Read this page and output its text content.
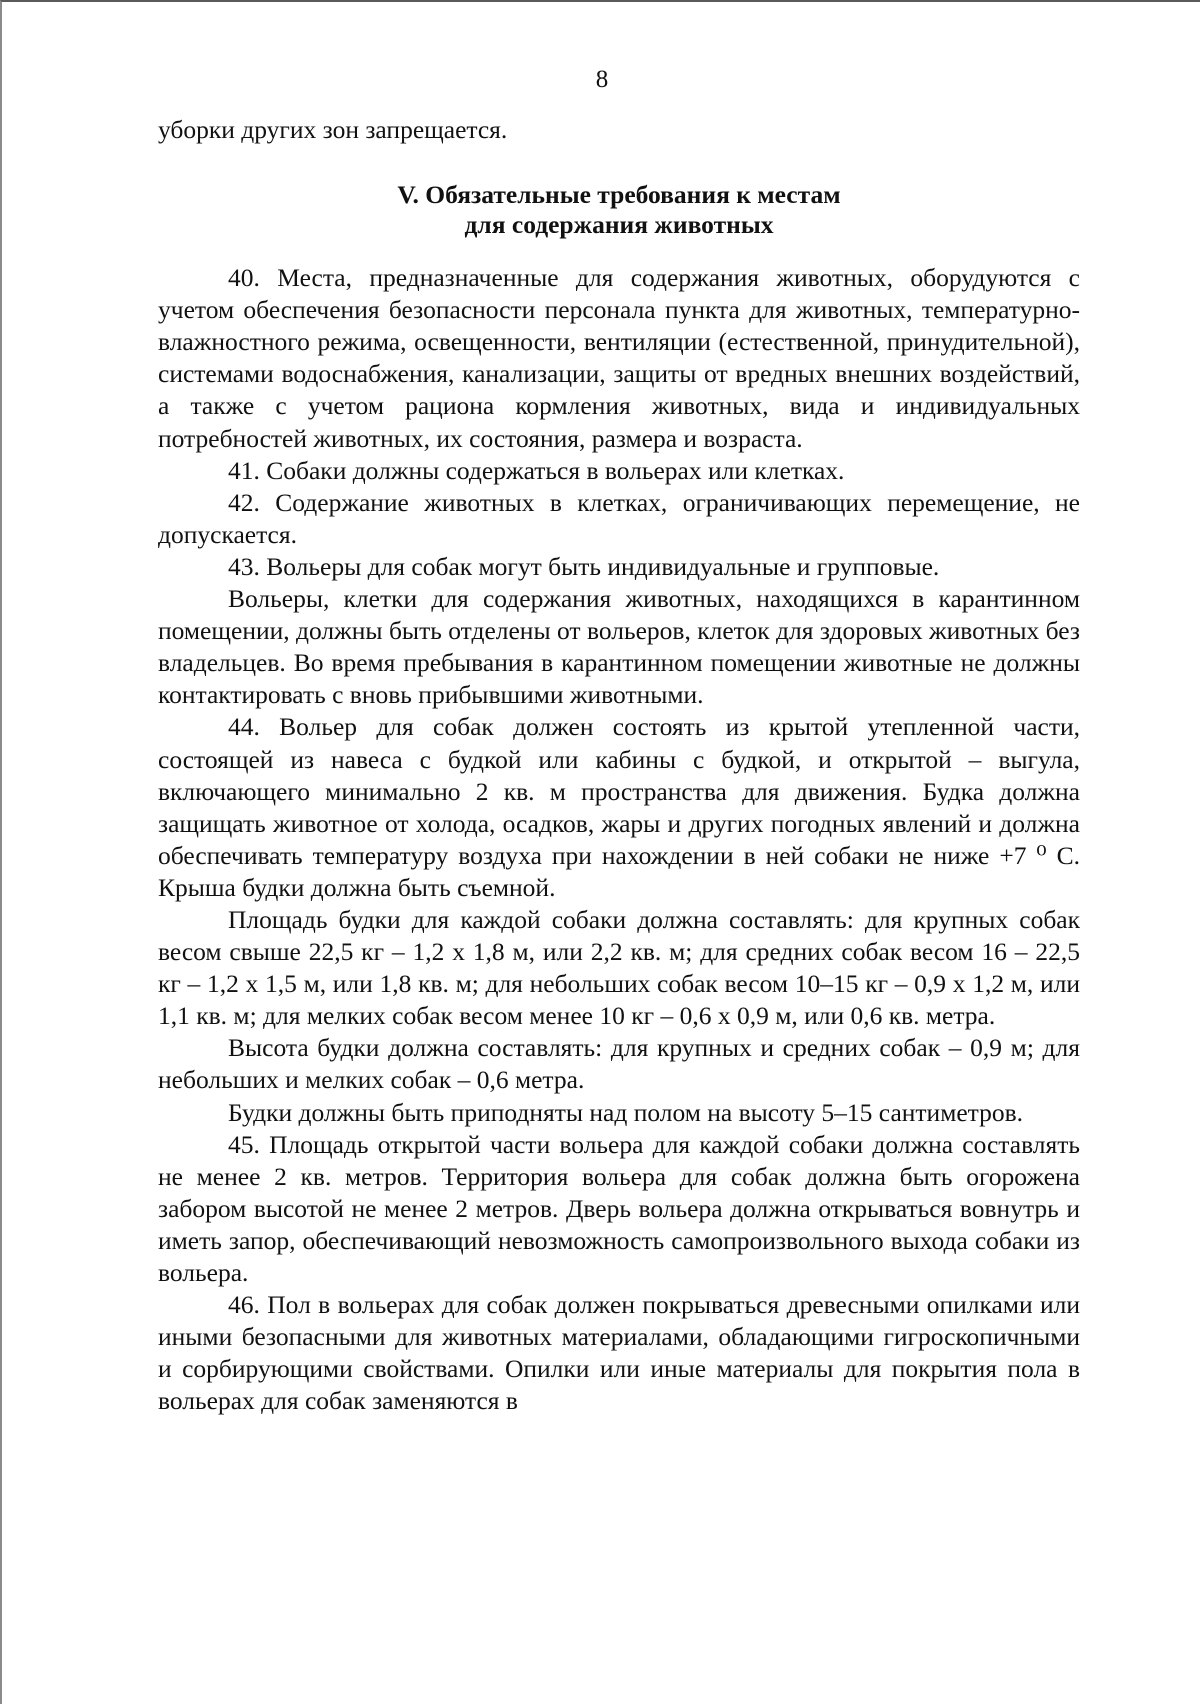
8

уборки других зон запрещается.

V. Обязательные требования к местам
для содержания животных

40. Места, предназначенные для содержания животных, оборудуются с учетом обеспечения безопасности персонала пункта для животных, температурно-влажностного режима, освещенности, вентиляции (естественной, принудительной), системами водоснабжения, канализации, защиты от вредных внешних воздействий, а также с учетом рациона кормления животных, вида и индивидуальных потребностей животных, их состояния, размера и возраста.

41. Собаки должны содержаться в вольерах или клетках.

42. Содержание животных в клетках, ограничивающих перемещение, не допускается.

43. Вольеры для собак могут быть индивидуальные и групповые.

Вольеры, клетки для содержания животных, находящихся в карантинном помещении, должны быть отделены от вольеров, клеток для здоровых животных без владельцев. Во время пребывания в карантинном помещении животные не должны контактировать с вновь прибывшими животными.

44. Вольер для собак должен состоять из крытой утепленной части, состоящей из навеса с будкой или кабины с будкой, и открытой – выгула, включающего минимально 2 кв. м пространства для движения. Будка должна защищать животное от холода, осадков, жары и других погодных явлений и должна обеспечивать температуру воздуха при нахождении в ней собаки не ниже +7 ⁰ С. Крыша будки должна быть съемной.

Площадь будки для каждой собаки должна составлять: для крупных собак весом свыше 22,5 кг – 1,2 х 1,8 м, или 2,2 кв. м; для средних собак весом 16 – 22,5 кг – 1,2 х 1,5 м, или 1,8 кв. м; для небольших собак весом 10–15 кг – 0,9 х 1,2 м, или 1,1 кв. м; для мелких собак весом менее 10 кг – 0,6 х 0,9 м, или 0,6 кв. метра.

Высота будки должна составлять: для крупных и средних собак – 0,9 м; для небольших и мелких собак – 0,6 метра.

Будки должны быть приподняты над полом на высоту 5–15 сантиметров.

45. Площадь открытой части вольера для каждой собаки должна составлять не менее 2 кв. метров. Территория вольера для собак должна быть огорожена забором высотой не менее 2 метров. Дверь вольера должна открываться вовнутрь и иметь запор, обеспечивающий невозможность самопроизвольного выхода собаки из вольера.

46. Пол в вольерах для собак должен покрываться древесными опилками или иными безопасными для животных материалами, обладающими гигроскопичными и сорбирующими свойствами. Опилки или иные материалы для покрытия пола в вольерах для собак заменяются в
